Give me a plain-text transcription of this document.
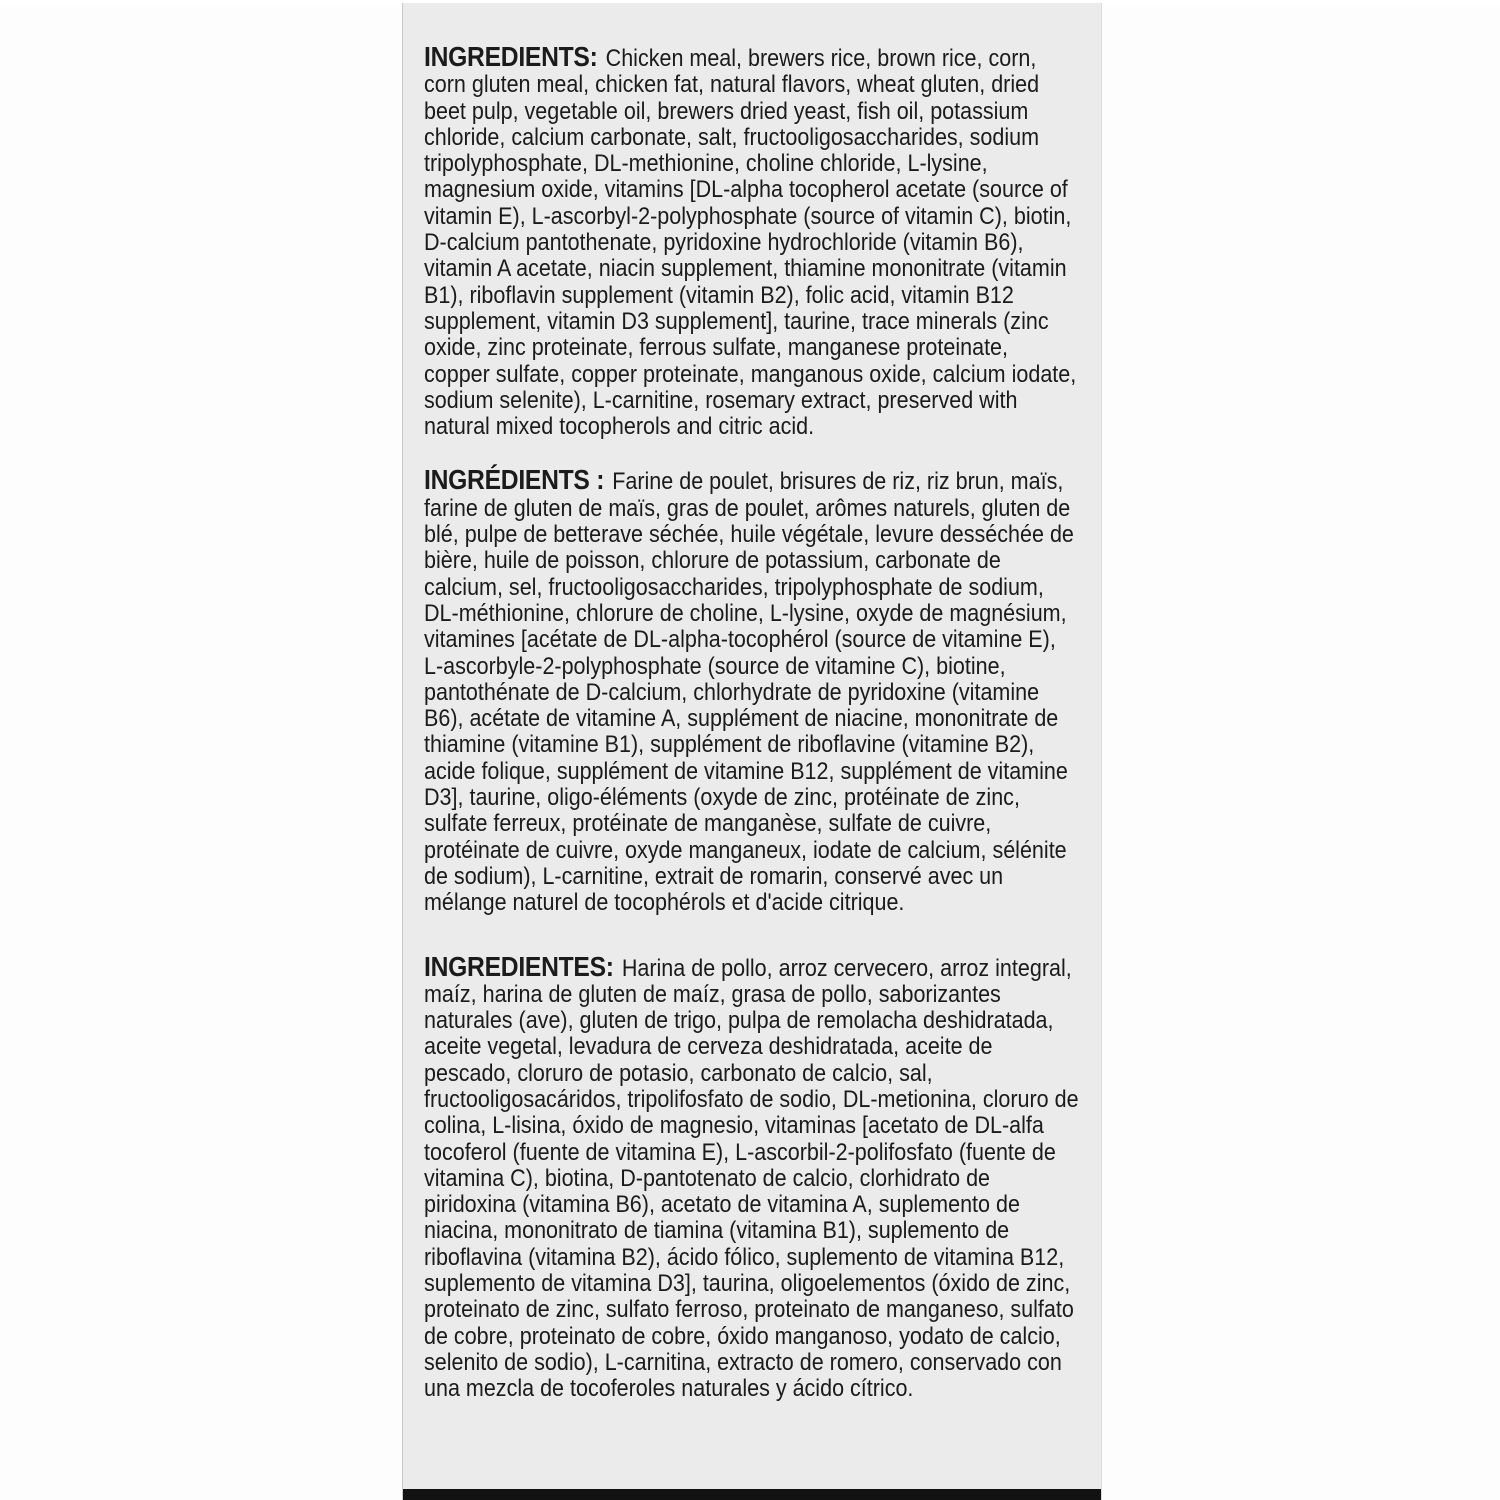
INGREDIENTS: Chicken meal, brewers rice, brown rice, corn, corn gluten meal, chicken fat, natural flavors, wheat gluten, dried beet pulp, vegetable oil, brewers dried yeast, fish oil, potassium chloride, calcium carbonate, salt, fructooligosaccharides, sodium tripolyphosphate, DL-methionine, choline chloride, L-lysine, magnesium oxide, vitamins [DL-alpha tocopherol acetate (source of vitamin E), L-ascorbyl-2-polyphosphate (source of vitamin C), biotin, D-calcium pantothenate, pyridoxine hydrochloride (vitamin B6), vitamin A acetate, niacin supplement, thiamine mononitrate (vitamin B1), riboflavin supplement (vitamin B2), folic acid, vitamin B12 supplement, vitamin D3 supplement], taurine, trace minerals (zinc oxide, zinc proteinate, ferrous sulfate, manganese proteinate, copper sulfate, copper proteinate, manganous oxide, calcium iodate, sodium selenite), L-carnitine, rosemary extract, preserved with natural mixed tocopherols and citric acid.

INGRÉDIENTS : Farine de poulet, brisures de riz, riz brun, maïs, farine de gluten de maïs, gras de poulet, arômes naturels, gluten de blé, pulpe de betterave séchée, huile végétale, levure desséchée de bière, huile de poisson, chlorure de potassium, carbonate de calcium, sel, fructooligosaccharides, tripolyphosphate de sodium, DL-méthionine, chlorure de choline, L-lysine, oxyde de magnésium, vitamines [acétate de DL-alpha-tocophérol (source de vitamine E), L-ascorbyle-2-polyphosphate (source de vitamine C), biotine, pantothénate de D-calcium, chlorhydrate de pyridoxine (vitamine B6), acétate de vitamine A, supplément de niacine, mononitrate de thiamine (vitamine B1), supplément de riboflavine (vitamine B2), acide folique, supplément de vitamine B12, supplément de vitamine D3], taurine, oligo-éléments (oxyde de zinc, protéinate de zinc, sulfate ferreux, protéinate de manganèse, sulfate de cuivre, protéinate de cuivre, oxyde manganeux, iodate de calcium, sélénite de sodium), L-carnitine, extrait de romarin, conservé avec un mélange naturel de tocophérols et d'acide citrique.

INGREDIENTES: Harina de pollo, arroz cervecero, arroz integral, maíz, harina de gluten de maíz, grasa de pollo, saborizantes naturales (ave), gluten de trigo, pulpa de remolacha deshidratada, aceite vegetal, levadura de cerveza deshidratada, aceite de pescado, cloruro de potasio, carbonato de calcio, sal, fructooligosacáridos, tripolifosfato de sodio, DL-metionina, cloruro de colina, L-lisina, óxido de magnesio, vitaminas [acetato de DL-alfa tocoferol (fuente de vitamina E), L-ascorbil-2-polifosfato (fuente de vitamina C), biotina, D-pantotenato de calcio, clorhidrato de piridoxina (vitamina B6), acetato de vitamina A, suplemento de niacina, mononitrato de tiamina (vitamina B1), suplemento de riboflavina (vitamina B2), ácido fólico, suplemento de vitamina B12, suplemento de vitamina D3], taurina, oligoelementos (óxido de zinc, proteinato de zinc, sulfato ferroso, proteinato de manganeso, sulfato de cobre, proteinato de cobre, óxido manganoso, yodato de calcio, selenito de sodio), L-carnitina, extracto de romero, conservado con una mezcla de tocoferoles naturales y ácido cítrico.
